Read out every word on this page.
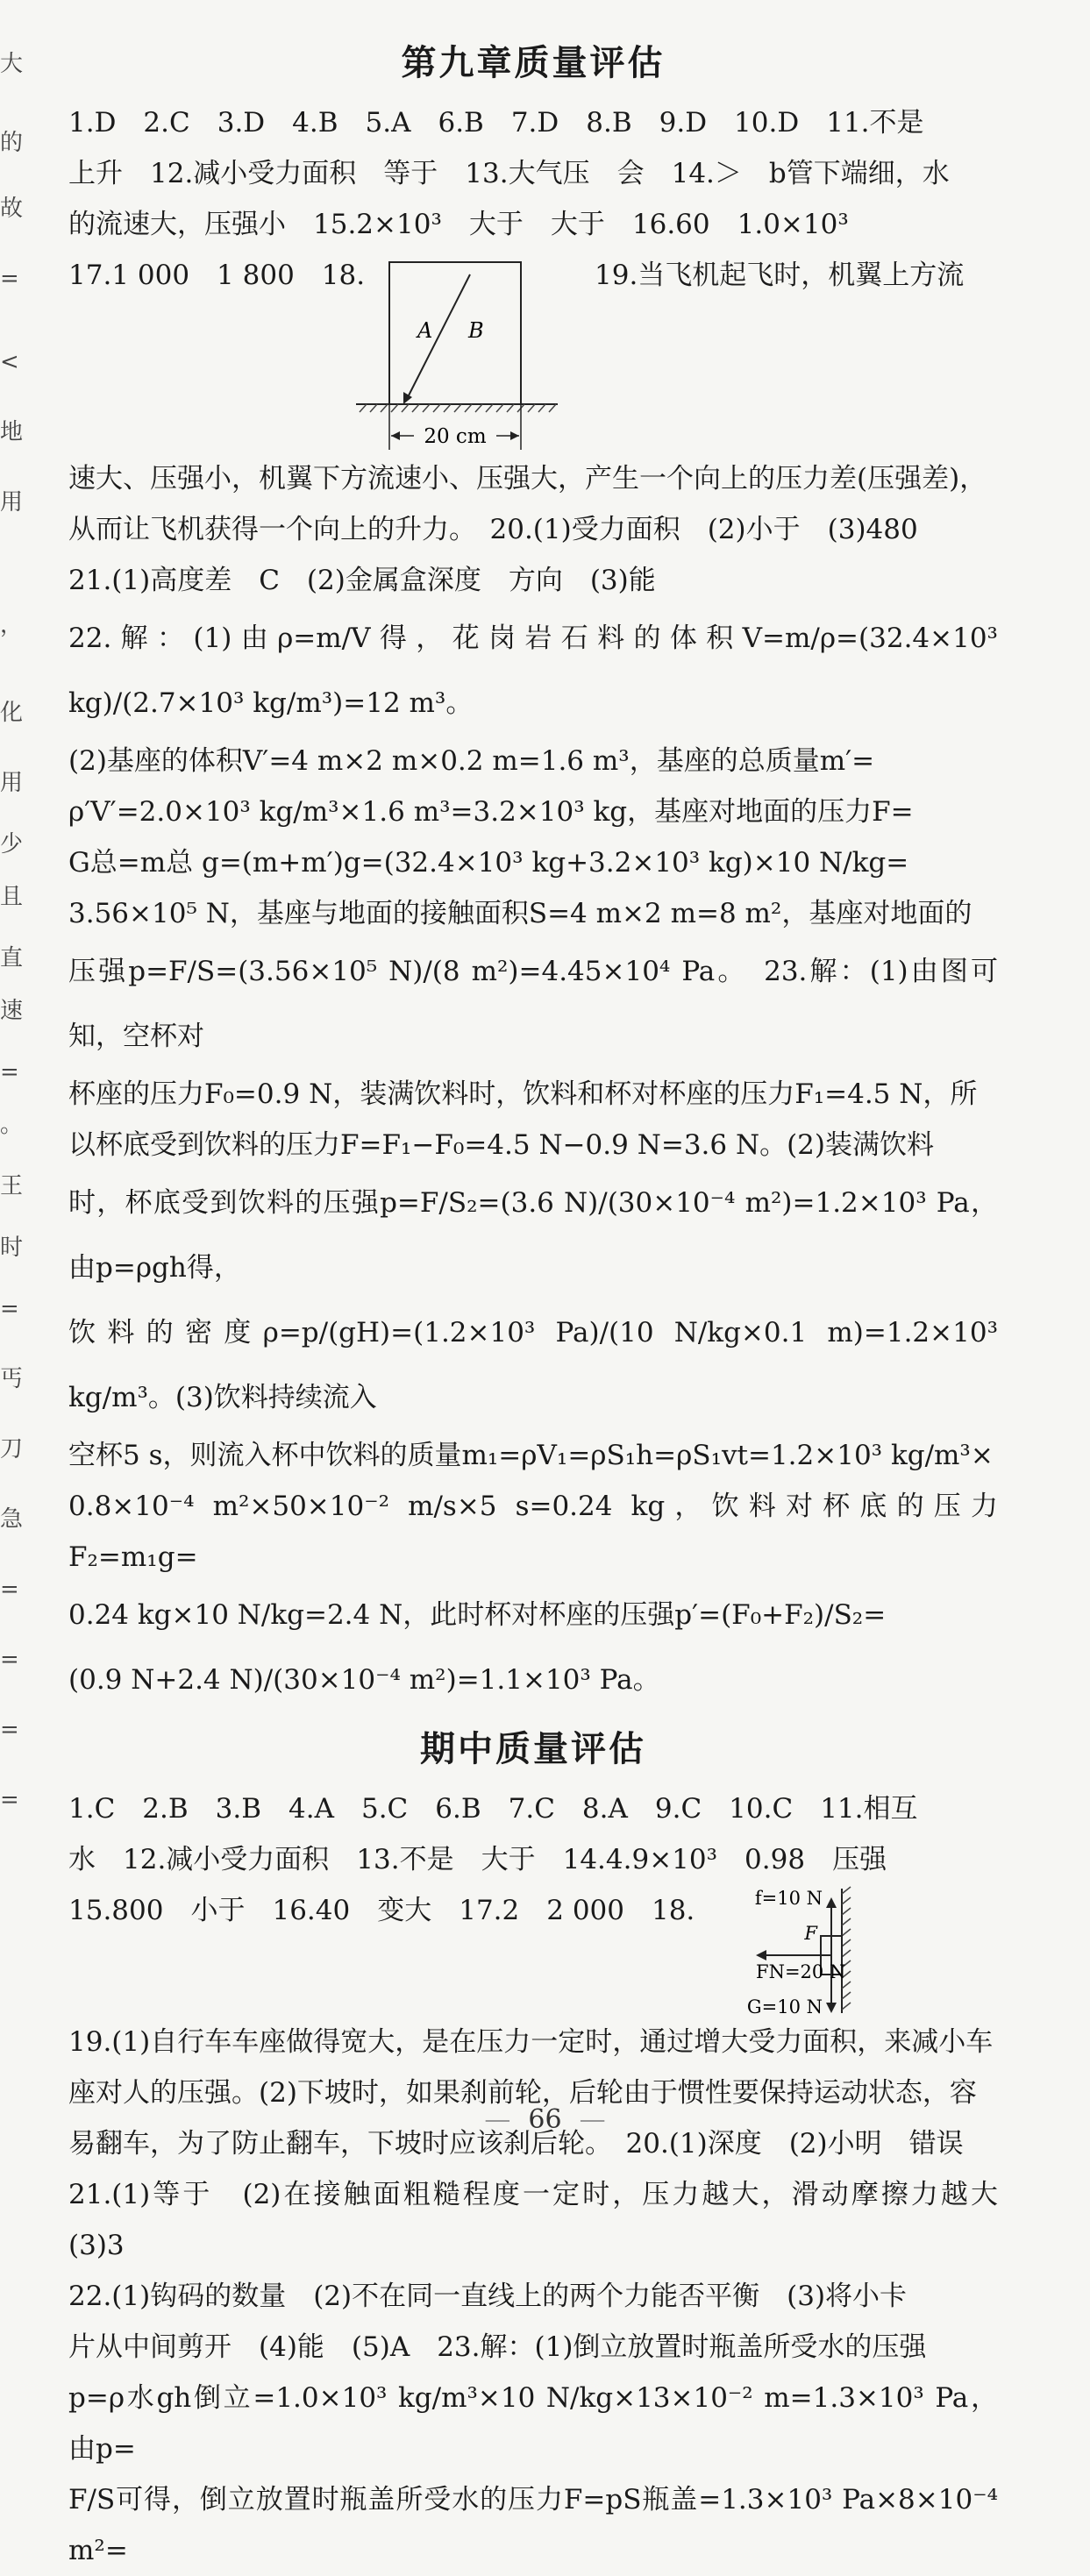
大
的
故
=
<
地
用
，
化
用
少
且
直
速
=
。
王
时
=
丐
刀
急
=
=
=
=
第九章质量评估

1.D　2.C　3.D　4.B　5.A　6.B　7.D　8.B　9.D　10.D　11.不是

上升　12.减小受力面积　等于　13.大气压　会　14.＞　b管下端细，水

的流速大，压强小　15.2×10³　大于　大于　16.60　1.0×10³

17.1 000　1 800　18.

A B
20 cm

19.当飞机起飞时，机翼上方流

速大、压强小，机翼下方流速小、压强大，产生一个向上的压力差(压强差)，

从而让飞机获得一个向上的升力。　20.(1)受力面积　(2)小于　(3)480

21.(1)高度差　C　(2)金属盒深度　方向　(3)能

22.解：(1)由ρ=m/V得，花岗岩石料的体积V=m/ρ=(32.4×10³ kg)/(2.7×10³ kg/m³)=12 m³。

(2)基座的体积V′=4 m×2 m×0.2 m=1.6 m³，基座的总质量m′=

ρ′V′=2.0×10³ kg/m³×1.6 m³=3.2×10³ kg，基座对地面的压力F=

G总=m总 g=(m+m′)g=(32.4×10³ kg+3.2×10³ kg)×10 N/kg=

3.56×10⁵ N，基座与地面的接触面积S=4 m×2 m=8 m²，基座对地面的

压强p=F/S=(3.56×10⁵ N)/(8 m²)=4.45×10⁴ Pa。　23.解：(1)由图可知，空杯对

杯座的压力F₀=0.9 N，装满饮料时，饮料和杯对杯座的压力F₁=4.5 N，所

以杯底受到饮料的压力F=F₁−F₀=4.5 N−0.9 N=3.6 N。(2)装满饮料

时，杯底受到饮料的压强p=F/S₂=(3.6 N)/(30×10⁻⁴ m²)=1.2×10³ Pa，由p=ρgh得，

饮料的密度ρ=p/(gH)=(1.2×10³ Pa)/(10 N/kg×0.1 m)=1.2×10³ kg/m³。(3)饮料持续流入

空杯5 s，则流入杯中饮料的质量m₁=ρV₁=ρS₁h=ρS₁vt=1.2×10³ kg/m³×

0.8×10⁻⁴ m²×50×10⁻² m/s×5 s=0.24 kg，饮料对杯底的压力F₂=m₁g=

0.24 kg×10 N/kg=2.4 N，此时杯对杯座的压强p′=(F₀+F₂)/S₂=

(0.9 N+2.4 N)/(30×10⁻⁴ m²)=1.1×10³ Pa。

期中质量评估

1.C　2.B　3.B　4.A　5.C　6.B　7.C　8.A　9.C　10.C　11.相互

水　12.减小受力面积　13.不是　大于　14.4.9×10³　0.98　压强

15.800　小于　16.40　变大　17.2　2 000　18.	f=10 N
F
FN=20 N
G=10 N

19.(1)自行车车座做得宽大，是在压力一定时，通过增大受力面积，来减小车

座对人的压强。(2)下坡时，如果刹前轮，后轮由于惯性要保持运动状态，容

易翻车，为了防止翻车，下坡时应该刹后轮。　20.(1)深度　(2)小明　错误

21.(1)等于　(2)在接触面粗糙程度一定时，压力越大，滑动摩擦力越大　(3)3

22.(1)钩码的数量　(2)不在同一直线上的两个力能否平衡　(3)将小卡

片从中间剪开　(4)能　(5)A　23.解：(1)倒立放置时瓶盖所受水的压强

p=ρ水gh倒立=1.0×10³ kg/m³×10 N/kg×13×10⁻² m=1.3×10³ Pa，由p=

F/S可得，倒立放置时瓶盖所受水的压力F=pS瓶盖=1.3×10³ Pa×8×10⁻⁴ m²=

— 66 —
